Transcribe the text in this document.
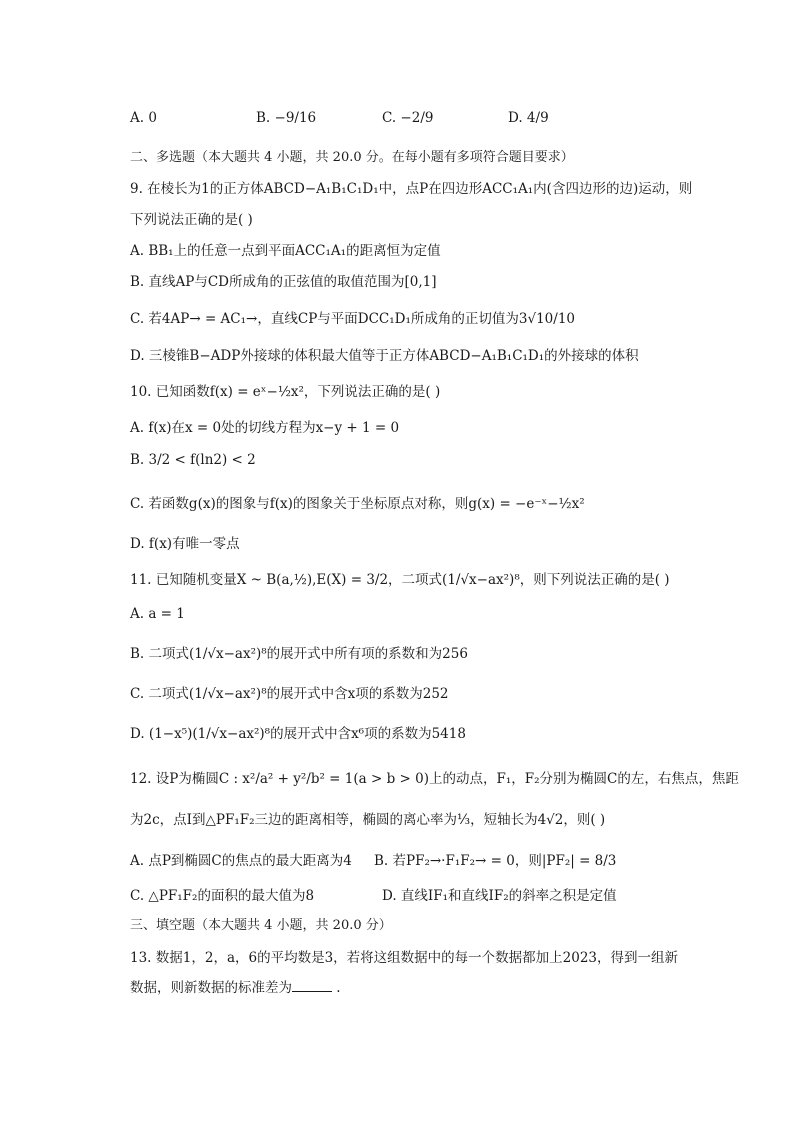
A. 0	B. −9/16	C. −2/9	D. 4/9
二、多选题（本大题共 4 小题，共 20.0 分。在每小题有多项符合题目要求）
9. 在棱长为1的正方体ABCD−A₁B₁C₁D₁中，点P在四边形ACC₁A₁内(含四边形的边)运动，则
下列说法正确的是( )
A. BB₁上的任意一点到平面ACC₁A₁的距离恒为定值
B. 直线AP与CD所成角的正弦值的取值范围为[0,1]
C. 若4AP→ = AC₁→，直线CP与平面DCC₁D₁所成角的正切值为3√10/10
D. 三棱锥B−ADP外接球的体积最大值等于正方体ABCD−A₁B₁C₁D₁的外接球的体积
10. 已知函数f(x) = eˣ−½x²，下列说法正确的是( )
A. f(x)在x = 0处的切线方程为x−y + 1 = 0
B. 3/2 < f(ln2) < 2
C. 若函数g(x)的图象与f(x)的图象关于坐标原点对称，则g(x) = −e⁻ˣ−½x²
D. f(x)有唯一零点
11. 已知随机变量X ~ B(a,½),E(X) = 3/2，二项式(1/√x−ax²)⁸，则下列说法正确的是( )
A. a = 1
B. 二项式(1/√x−ax²)⁸的展开式中所有项的系数和为256
C. 二项式(1/√x−ax²)⁸的展开式中含x项的系数为252
D. (1−x⁵)(1/√x−ax²)⁸的展开式中含x⁶项的系数为5418
12. 设P为椭圆C : x²/a² + y²/b² = 1(a > b > 0)上的动点，F₁，F₂分别为椭圆C的左，右焦点，焦距
为2c，点I到△PF₁F₂三边的距离相等，椭圆的离心率为⅓，短轴长为4√2，则( )
A. 点P到椭圆C的焦点的最大距离为4 B. 若PF₂→·F₁F₂→ = 0，则|PF₂| = 8/3
C. △PF₁F₂的面积的最大值为8	D. 直线IF₁和直线IF₂的斜率之积是定值
三、填空题（本大题共 4 小题，共 20.0 分）
13. 数据1，2，a，6的平均数是3，若将这组数据中的每一个数据都加上2023，得到一组新
数据，则新数据的标准差为	.
